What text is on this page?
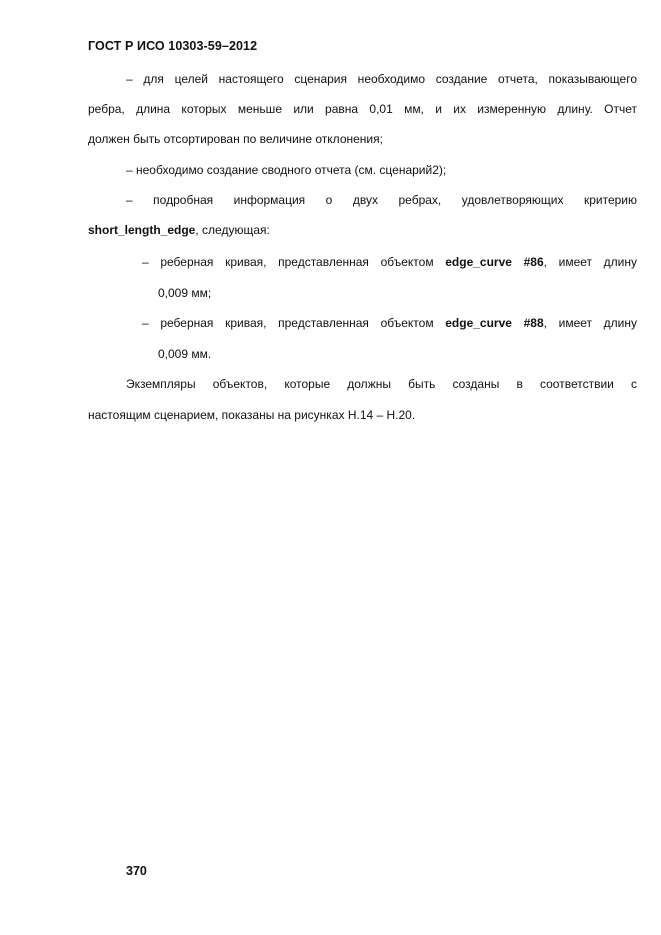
ГОСТ Р ИСО 10303-59–2012
– для целей настоящего сценария необходимо создание отчета, показывающего
ребра, длина которых меньше или равна 0,01 мм, и их измеренную длину. Отчет
должен быть отсортирован по величине отклонения;
– необходимо создание сводного отчета (см. сценарий2);
– подробная информация о двух ребрах, удовлетворяющих критерию
short_length_edge, следующая:
– реберная кривая, представленная объектом edge_curve #86, имеет длину
0,009 мм;
– реберная кривая, представленная объектом edge_curve #88, имеет длину
0,009 мм.
Экземпляры объектов, которые должны быть созданы в соответствии с
настоящим сценарием, показаны на рисунках Н.14 – Н.20.
370
